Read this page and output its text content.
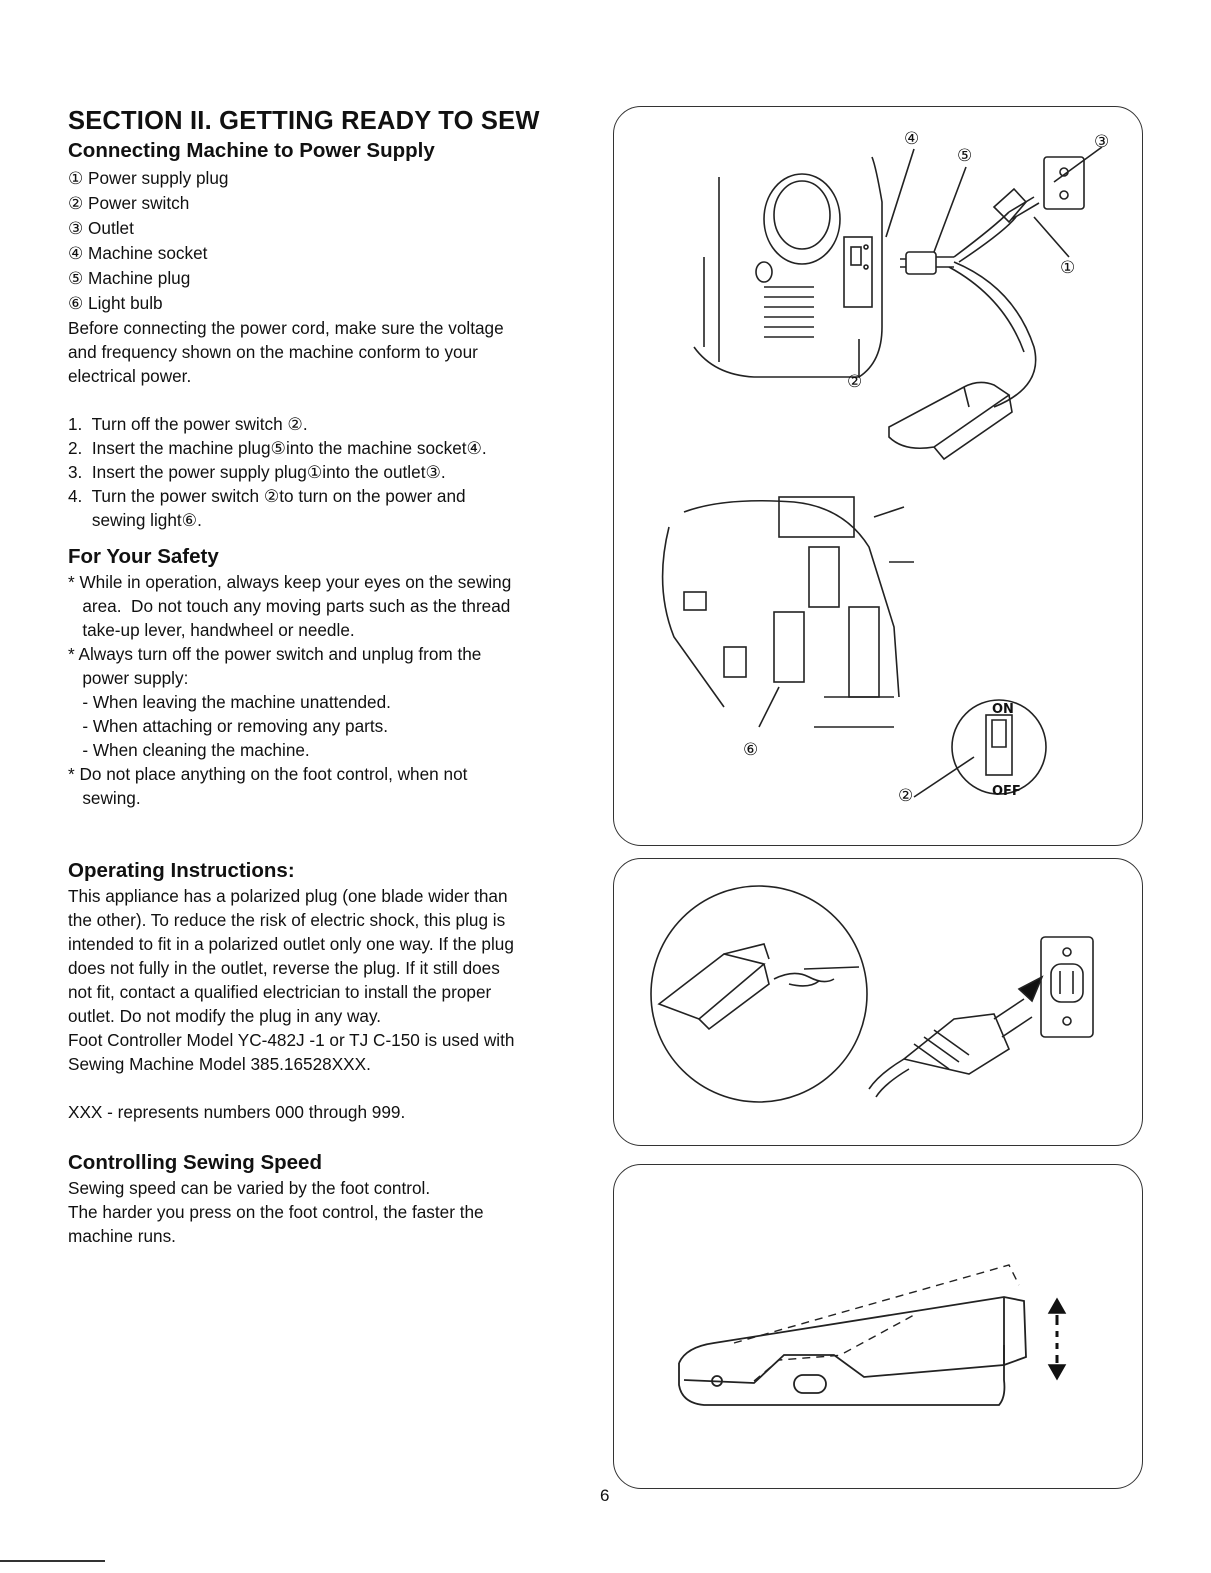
SECTION II. GETTING READY TO SEW
Connecting Machine to Power Supply
① Power supply plug
② Power switch
③ Outlet
④ Machine socket
⑤ Machine plug
⑥ Light bulb
Before connecting the power cord, make sure the voltage
and frequency shown on the machine conform to your
electrical power.
1.  Turn off the power switch ②.
2.  Insert the machine plug⑤into the machine socket④.
3.  Insert the power supply plug①into the outlet③.
4.  Turn the power switch ②to turn on the power and
sewing light⑥.
For Your Safety
* While in operation, always keep your eyes on the sewing
area.  Do not touch any moving parts such as the thread
take-up lever, handwheel or needle.
* Always turn off the power switch and unplug from the
power supply:
- When leaving the machine unattended.
- When attaching or removing any parts.
- When cleaning the machine.
* Do not place anything on the foot control, when not
sewing.
Operating Instructions:
This appliance has a polarized plug (one blade wider than
the other). To reduce the risk of electric shock, this plug is
intended to fit in a polarized outlet only one way. If the plug
does not fully in the outlet, reverse the plug. If it still does
not fit, contact a qualified electrician to install the proper
outlet. Do not modify the plug in any way.
Foot Controller Model YC-482J -1 or TJ C-150 is used with
Sewing Machine Model 385.16528XXX.
XXX - represents numbers 000 through 999.
Controlling Sewing Speed
Sewing speed can be varied by the foot control.
The harder you press on the foot control, the faster the
machine runs.
④
⑤
③
①
②
⑥
②
ON
OFF
6
